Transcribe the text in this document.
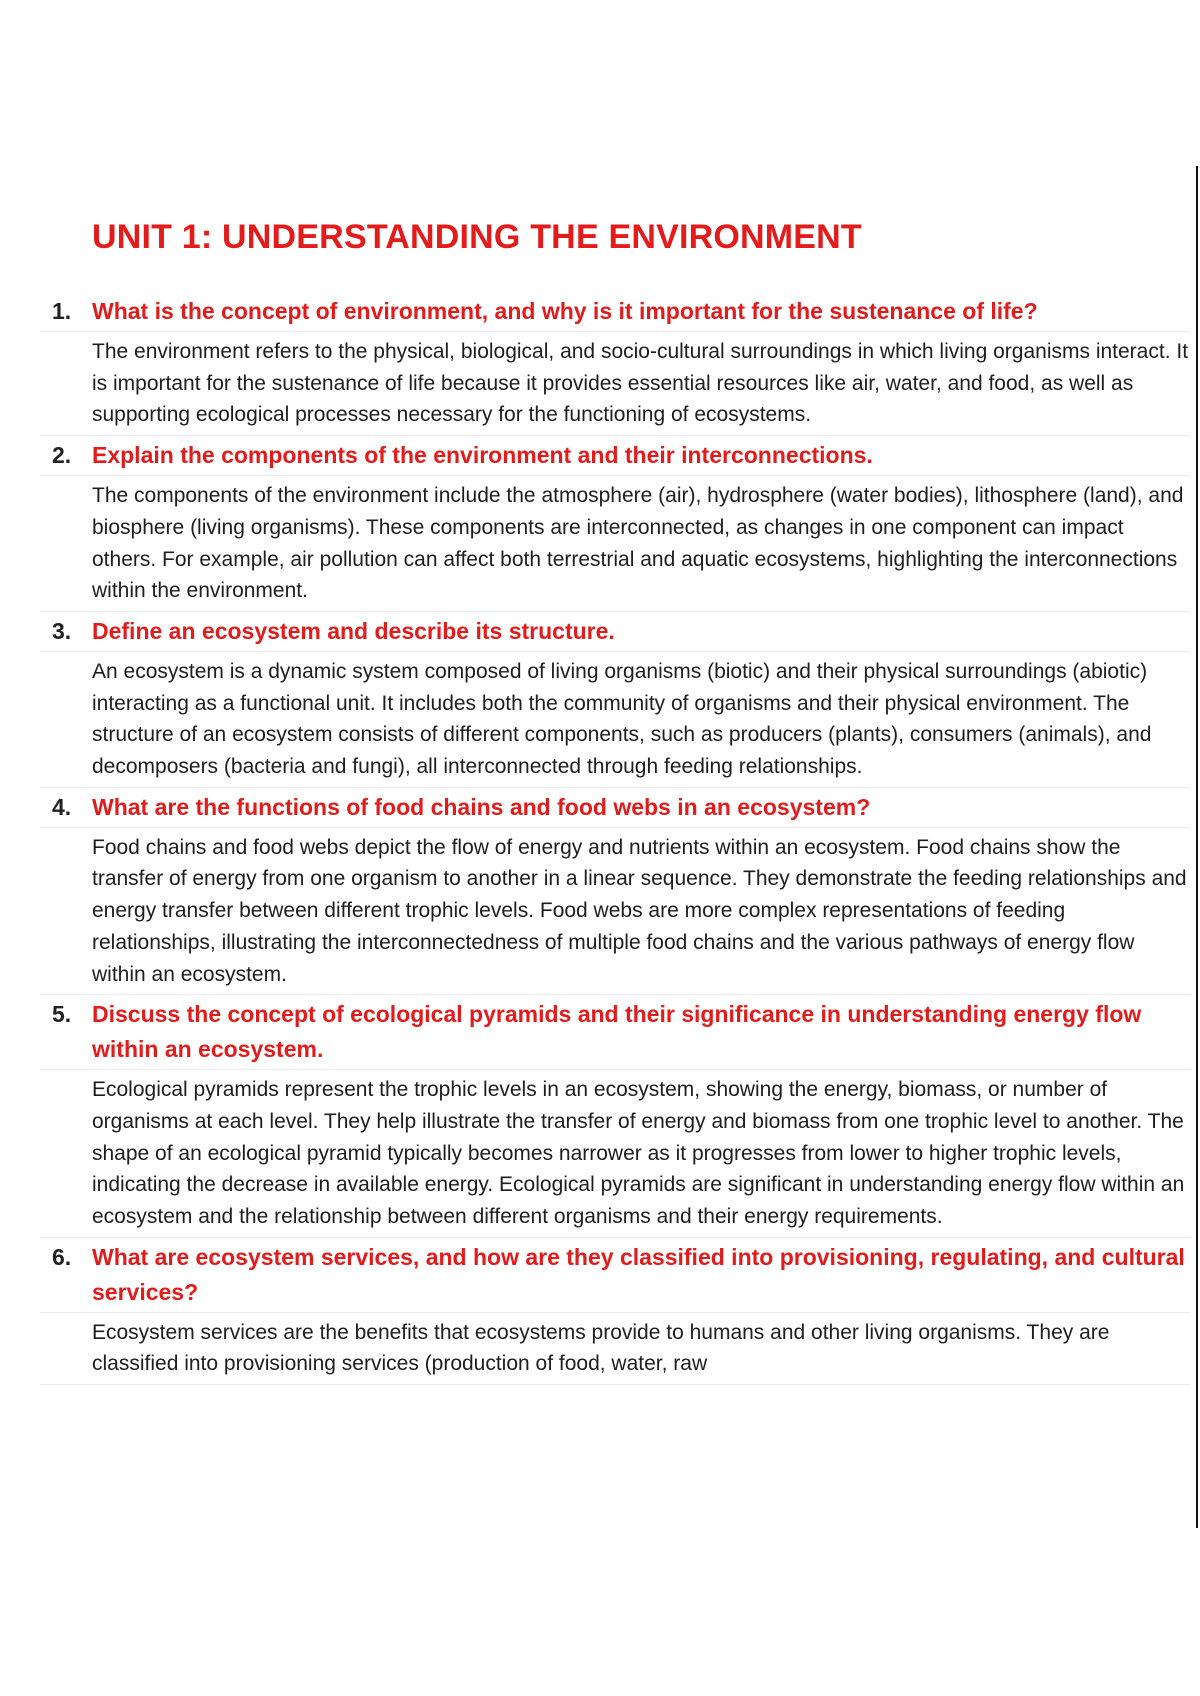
UNIT 1: UNDERSTANDING THE ENVIRONMENT
1. What is the concept of environment, and why is it important for the sustenance of life?

The environment refers to the physical, biological, and socio-cultural surroundings in which living organisms interact. It is important for the sustenance of life because it provides essential resources like air, water, and food, as well as supporting ecological processes necessary for the functioning of ecosystems.

2. Explain the components of the environment and their interconnections.

The components of the environment include the atmosphere (air), hydrosphere (water bodies), lithosphere (land), and biosphere (living organisms). These components are interconnected, as changes in one component can impact others. For example, air pollution can affect both terrestrial and aquatic ecosystems, highlighting the interconnections within the environment.

3. Define an ecosystem and describe its structure.

An ecosystem is a dynamic system composed of living organisms (biotic) and their physical surroundings (abiotic) interacting as a functional unit. It includes both the community of organisms and their physical environment. The structure of an ecosystem consists of different components, such as producers (plants), consumers (animals), and decomposers (bacteria and fungi), all interconnected through feeding relationships.

4. What are the functions of food chains and food webs in an ecosystem?

Food chains and food webs depict the flow of energy and nutrients within an ecosystem. Food chains show the transfer of energy from one organism to another in a linear sequence. They demonstrate the feeding relationships and energy transfer between different trophic levels. Food webs are more complex representations of feeding relationships, illustrating the interconnectedness of multiple food chains and the various pathways of energy flow within an ecosystem.

5. Discuss the concept of ecological pyramids and their significance in understanding energy flow within an ecosystem.

Ecological pyramids represent the trophic levels in an ecosystem, showing the energy, biomass, or number of organisms at each level. They help illustrate the transfer of energy and biomass from one trophic level to another. The shape of an ecological pyramid typically becomes narrower as it progresses from lower to higher trophic levels, indicating the decrease in available energy. Ecological pyramids are significant in understanding energy flow within an ecosystem and the relationship between different organisms and their energy requirements.

6. What are ecosystem services, and how are they classified into provisioning, regulating, and cultural services?

Ecosystem services are the benefits that ecosystems provide to humans and other living organisms. They are classified into provisioning services (production of food, water, raw
